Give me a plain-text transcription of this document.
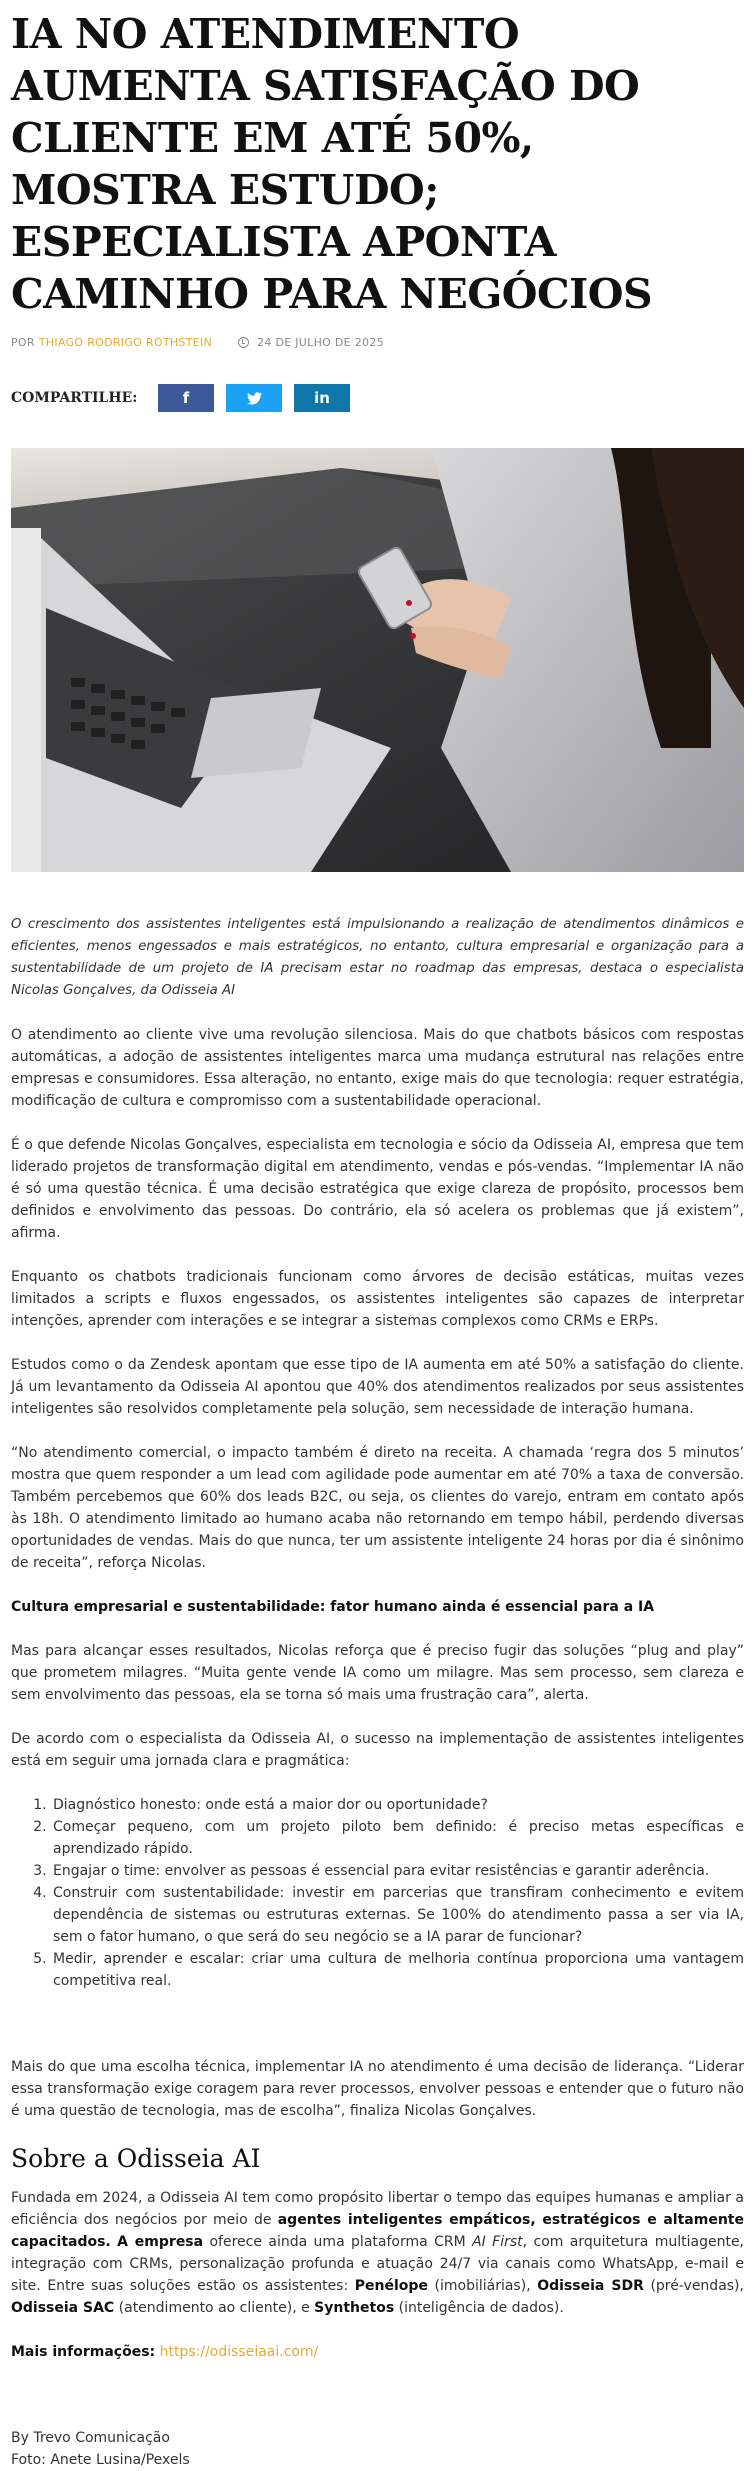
IA NO ATENDIMENTO AUMENTA SATISFAÇÃO DO CLIENTE EM ATÉ 50%, MOSTRA ESTUDO; ESPECIALISTA APONTA CAMINHO PARA NEGÓCIOS
POR THIAGO RODRIGO ROTHSTEIN	24 DE JULHO DE 2025
COMPARTILHE:	f	in

O crescimento dos assistentes inteligentes está impulsionando a realização de atendimentos dinâmicos e eficientes, menos engessados e mais estratégicos, no entanto, cultura empresarial e organização para a sustentabilidade de um projeto de IA precisam estar no roadmap das empresas, destaca o especialista Nicolas Gonçalves, da Odisseia AI

O atendimento ao cliente vive uma revolução silenciosa. Mais do que chatbots básicos com respostas automáticas, a adoção de assistentes inteligentes marca uma mudança estrutural nas relações entre empresas e consumidores. Essa alteração, no entanto, exige mais do que tecnologia: requer estratégia, modificação de cultura e compromisso com a sustentabilidade operacional.

É o que defende Nicolas Gonçalves, especialista em tecnologia e sócio da Odisseia AI, empresa que tem liderado projetos de transformação digital em atendimento, vendas e pós-vendas. “Implementar IA não é só uma questão técnica. É uma decisão estratégica que exige clareza de propósito, processos bem definidos e envolvimento das pessoas. Do contrário, ela só acelera os problemas que já existem”, afirma.

Enquanto os chatbots tradicionais funcionam como árvores de decisão estáticas, muitas vezes limitados a scripts e fluxos engessados, os assistentes inteligentes são capazes de interpretar intenções, aprender com interações e se integrar a sistemas complexos como CRMs e ERPs.

Estudos como o da Zendesk apontam que esse tipo de IA aumenta em até 50% a satisfação do cliente. Já um levantamento da Odisseia AI apontou que 40% dos atendimentos realizados por seus assistentes inteligentes são resolvidos completamente pela solução, sem necessidade de interação humana.

“No atendimento comercial, o impacto também é direto na receita. A chamada ‘regra dos 5 minutos’ mostra que quem responder a um lead com agilidade pode aumentar em até 70% a taxa de conversão. Também percebemos que 60% dos leads B2C, ou seja, os clientes do varejo, entram em contato após às 18h. O atendimento limitado ao humano acaba não retornando em tempo hábil, perdendo diversas oportunidades de vendas. Mais do que nunca, ter um assistente inteligente 24 horas por dia é sinônimo de receita”, reforça Nicolas.

Cultura empresarial e sustentabilidade: fator humano ainda é essencial para a IA

Mas para alcançar esses resultados, Nicolas reforça que é preciso fugir das soluções “plug and play” que prometem milagres. “Muita gente vende IA como um milagre. Mas sem processo, sem clareza e sem envolvimento das pessoas, ela se torna só mais uma frustração cara”, alerta.

De acordo com o especialista da Odisseia AI, o sucesso na implementação de assistentes inteligentes está em seguir uma jornada clara e pragmática:

1. Diagnóstico honesto: onde está a maior dor ou oportunidade?
2. Começar pequeno, com um projeto piloto bem definido: é preciso metas específicas e aprendizado rápido.
3. Engajar o time: envolver as pessoas é essencial para evitar resistências e garantir aderência.
4. Construir com sustentabilidade: investir em parcerias que transfiram conhecimento e evitem dependência de sistemas ou estruturas externas. Se 100% do atendimento passa a ser via IA, sem o fator humano, o que será do seu negócio se a IA parar de funcionar?
5. Medir, aprender e escalar: criar uma cultura de melhoria contínua proporciona uma vantagem competitiva real.

Mais do que uma escolha técnica, implementar IA no atendimento é uma decisão de liderança. “Liderar essa transformação exige coragem para rever processos, envolver pessoas e entender que o futuro não é uma questão de tecnologia, mas de escolha”, finaliza Nicolas Gonçalves.

Sobre a Odisseia AI

Fundada em 2024, a Odisseia AI tem como propósito libertar o tempo das equipes humanas e ampliar a eficiência dos negócios por meio de agentes inteligentes empáticos, estratégicos e altamente capacitados. A empresa oferece ainda uma plataforma CRM AI First, com arquitetura multiagente, integração com CRMs, personalização profunda e atuação 24/7 via canais como WhatsApp, e-mail e site. Entre suas soluções estão os assistentes: Penélope (imobiliárias), Odisseia SDR (pré-vendas), Odisseia SAC (atendimento ao cliente), e Synthetos (inteligência de dados).

Mais informações: https://odisseiaai.com/

By Trevo Comunicação
Foto: Anete Lusina/Pexels
